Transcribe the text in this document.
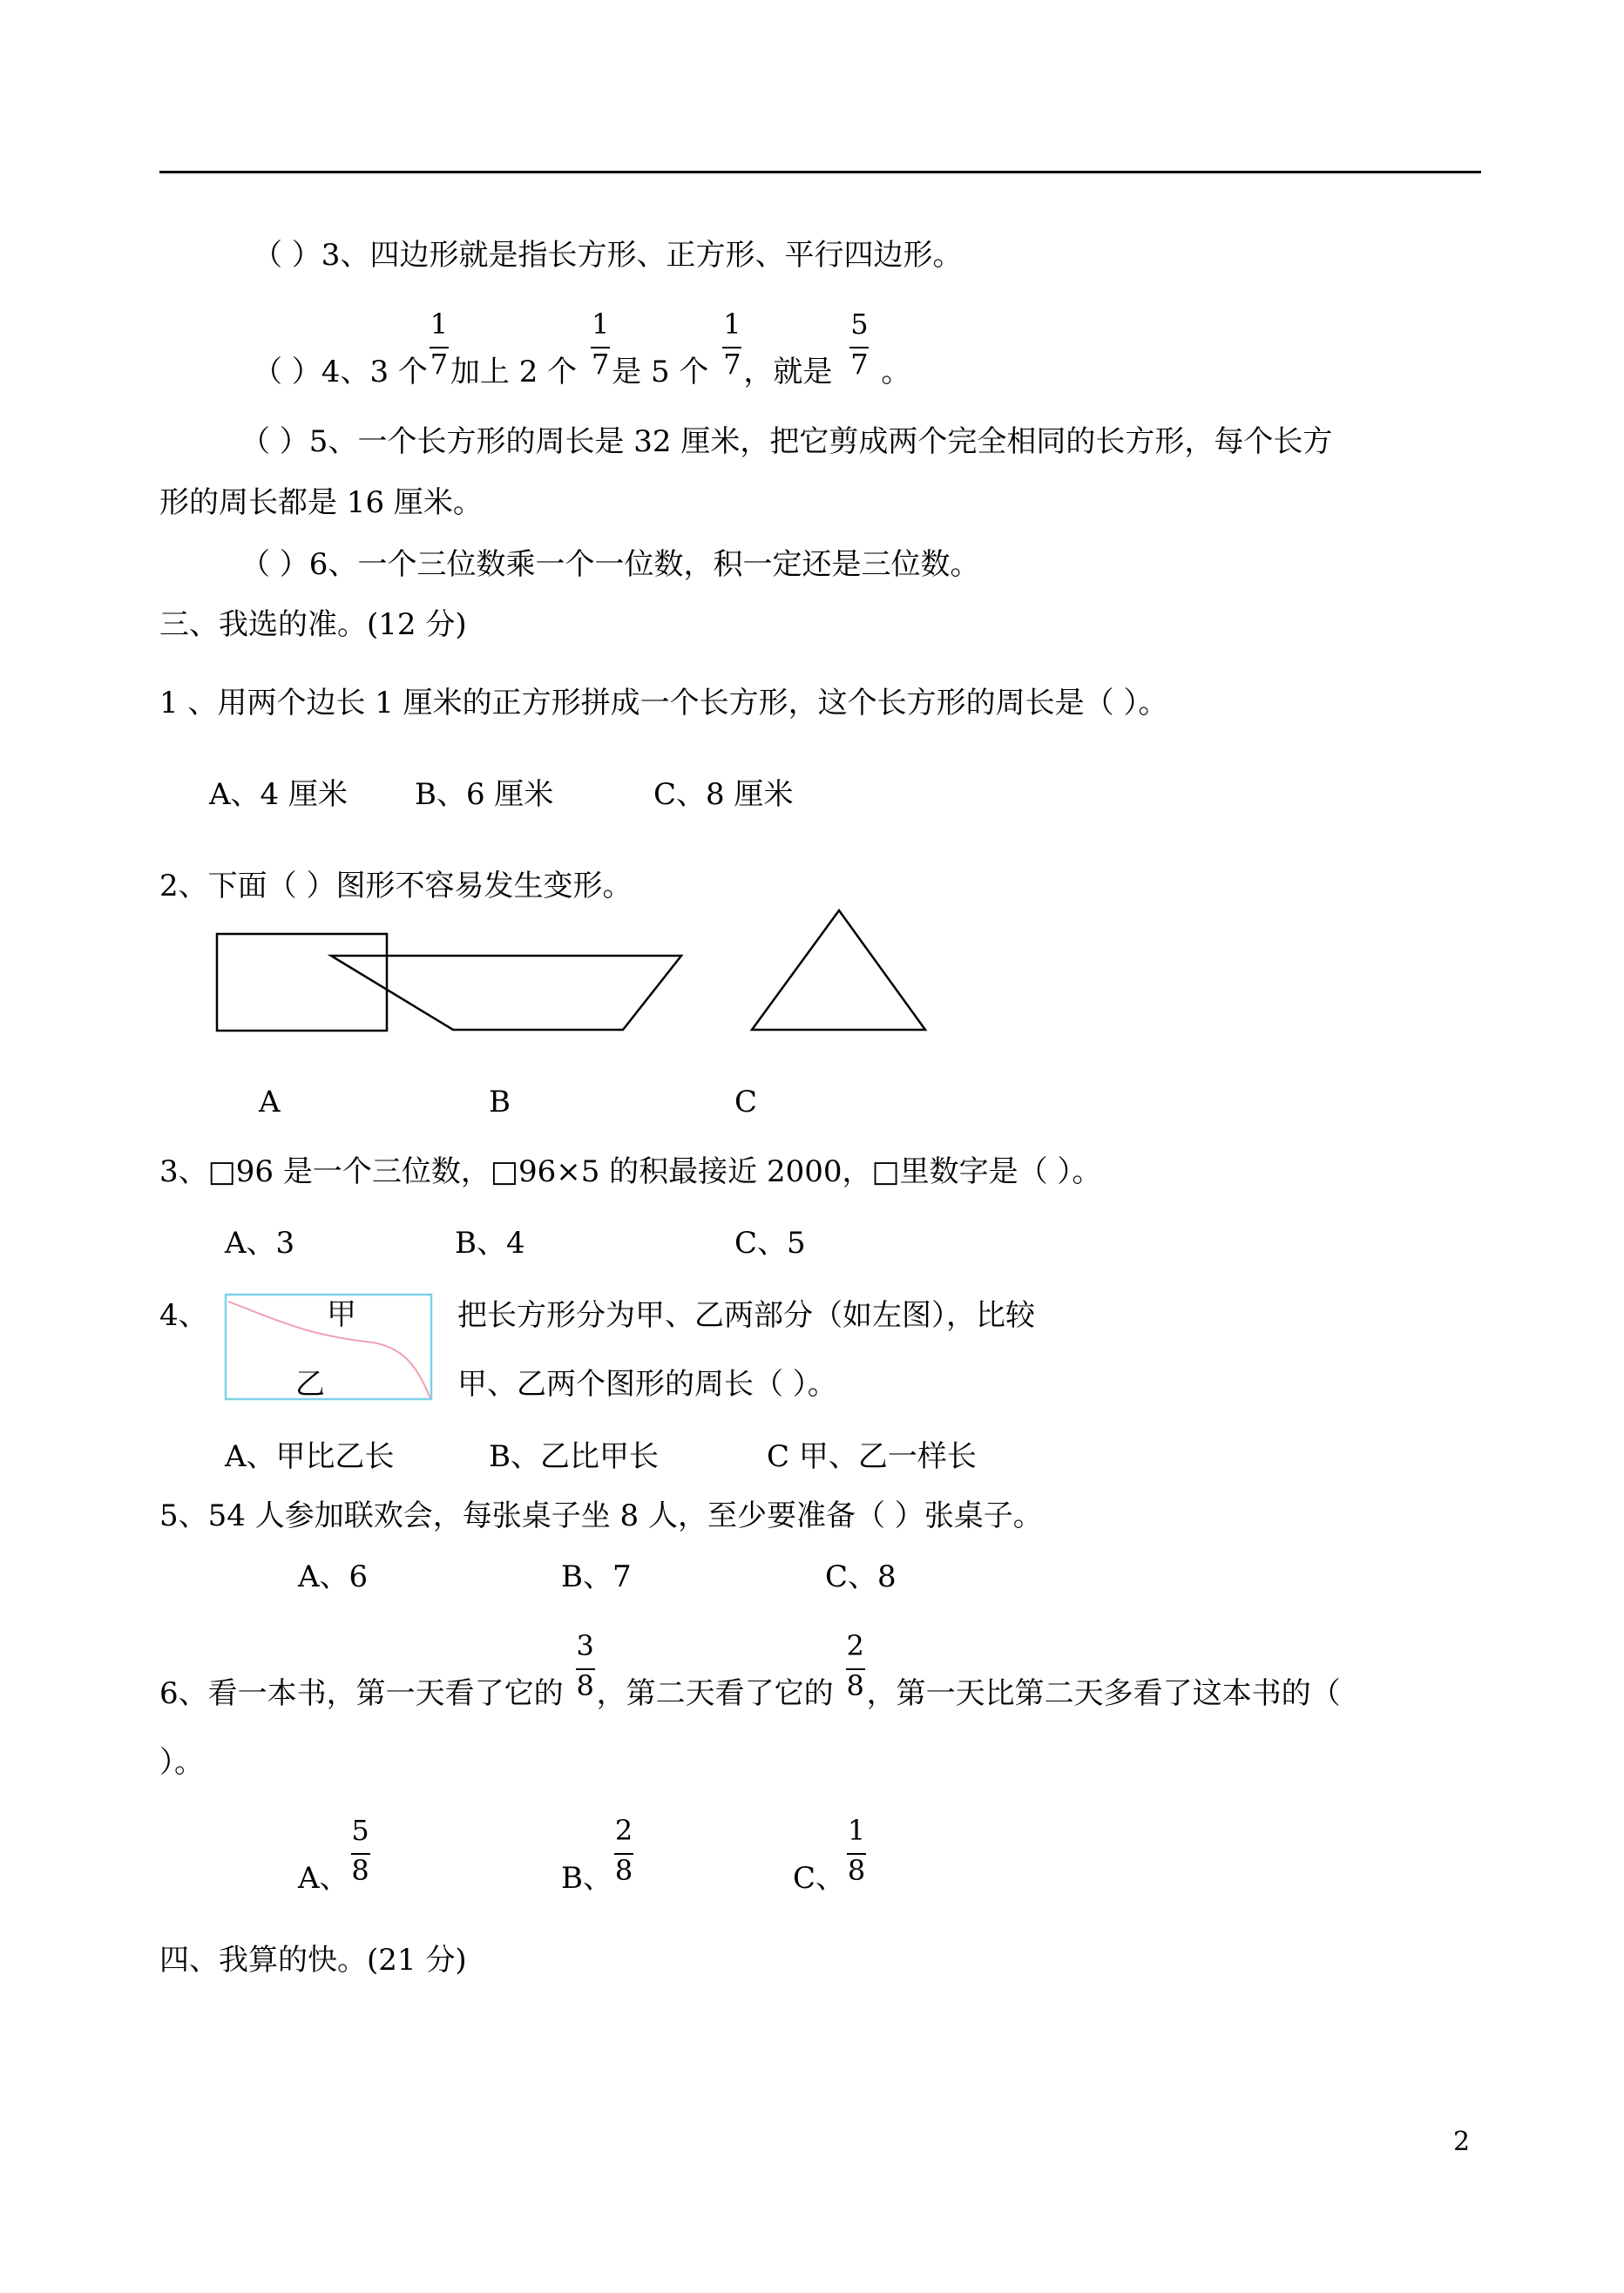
（ ）3、四边形就是指长方形、正方形、平行四边形。
（ ）4、3 个 $\frac{1}{7}$ 加上 2 个 $\frac{1}{7}$ 是 5 个 $\frac{1}{7}$ ，就是 $\frac{5}{7}$ 。
（ ）5、一个长方形的周长是 32 厘米，把它剪成两个完全相同的长方形，每个长方
形的周长都是 16 厘米。
（ ）6、一个三位数乘一个一位数，积一定还是三位数。
三、我选的准。(12 分)
1 、用两个边长 1 厘米的正方形拼成一个长方形，这个长方形的周长是（ ）。
A、4 厘米 B、6 厘米	C、8 厘米
2、下面（ ）图形不容易发生变形。
A	B	C
3、□96 是一个三位数，□96×5 的积最接近 2000，□里数字是（ ）。
A、3	B、4	C、5
4、	甲
乙
把长方形分为甲、乙两部分（如左图），比较
甲、乙两个图形的周长（ ）。
A、甲比乙长	B、乙比甲长	C 甲、乙一样长
5、54 人参加联欢会，每张桌子坐 8 人，至少要准备（ ）张桌子。
A、6	B、7	C、8
6、看一本书，第一天看了它的 $\frac{3}{8}$ ，第二天看了它的 $\frac{2}{8}$ ，第一天比第二天多看了这本书的（
）。
A、 $\frac{5}{8}$	B、 $\frac{2}{8}$	C、 $\frac{1}{8}$
四、我算的快。(21 分)
2
